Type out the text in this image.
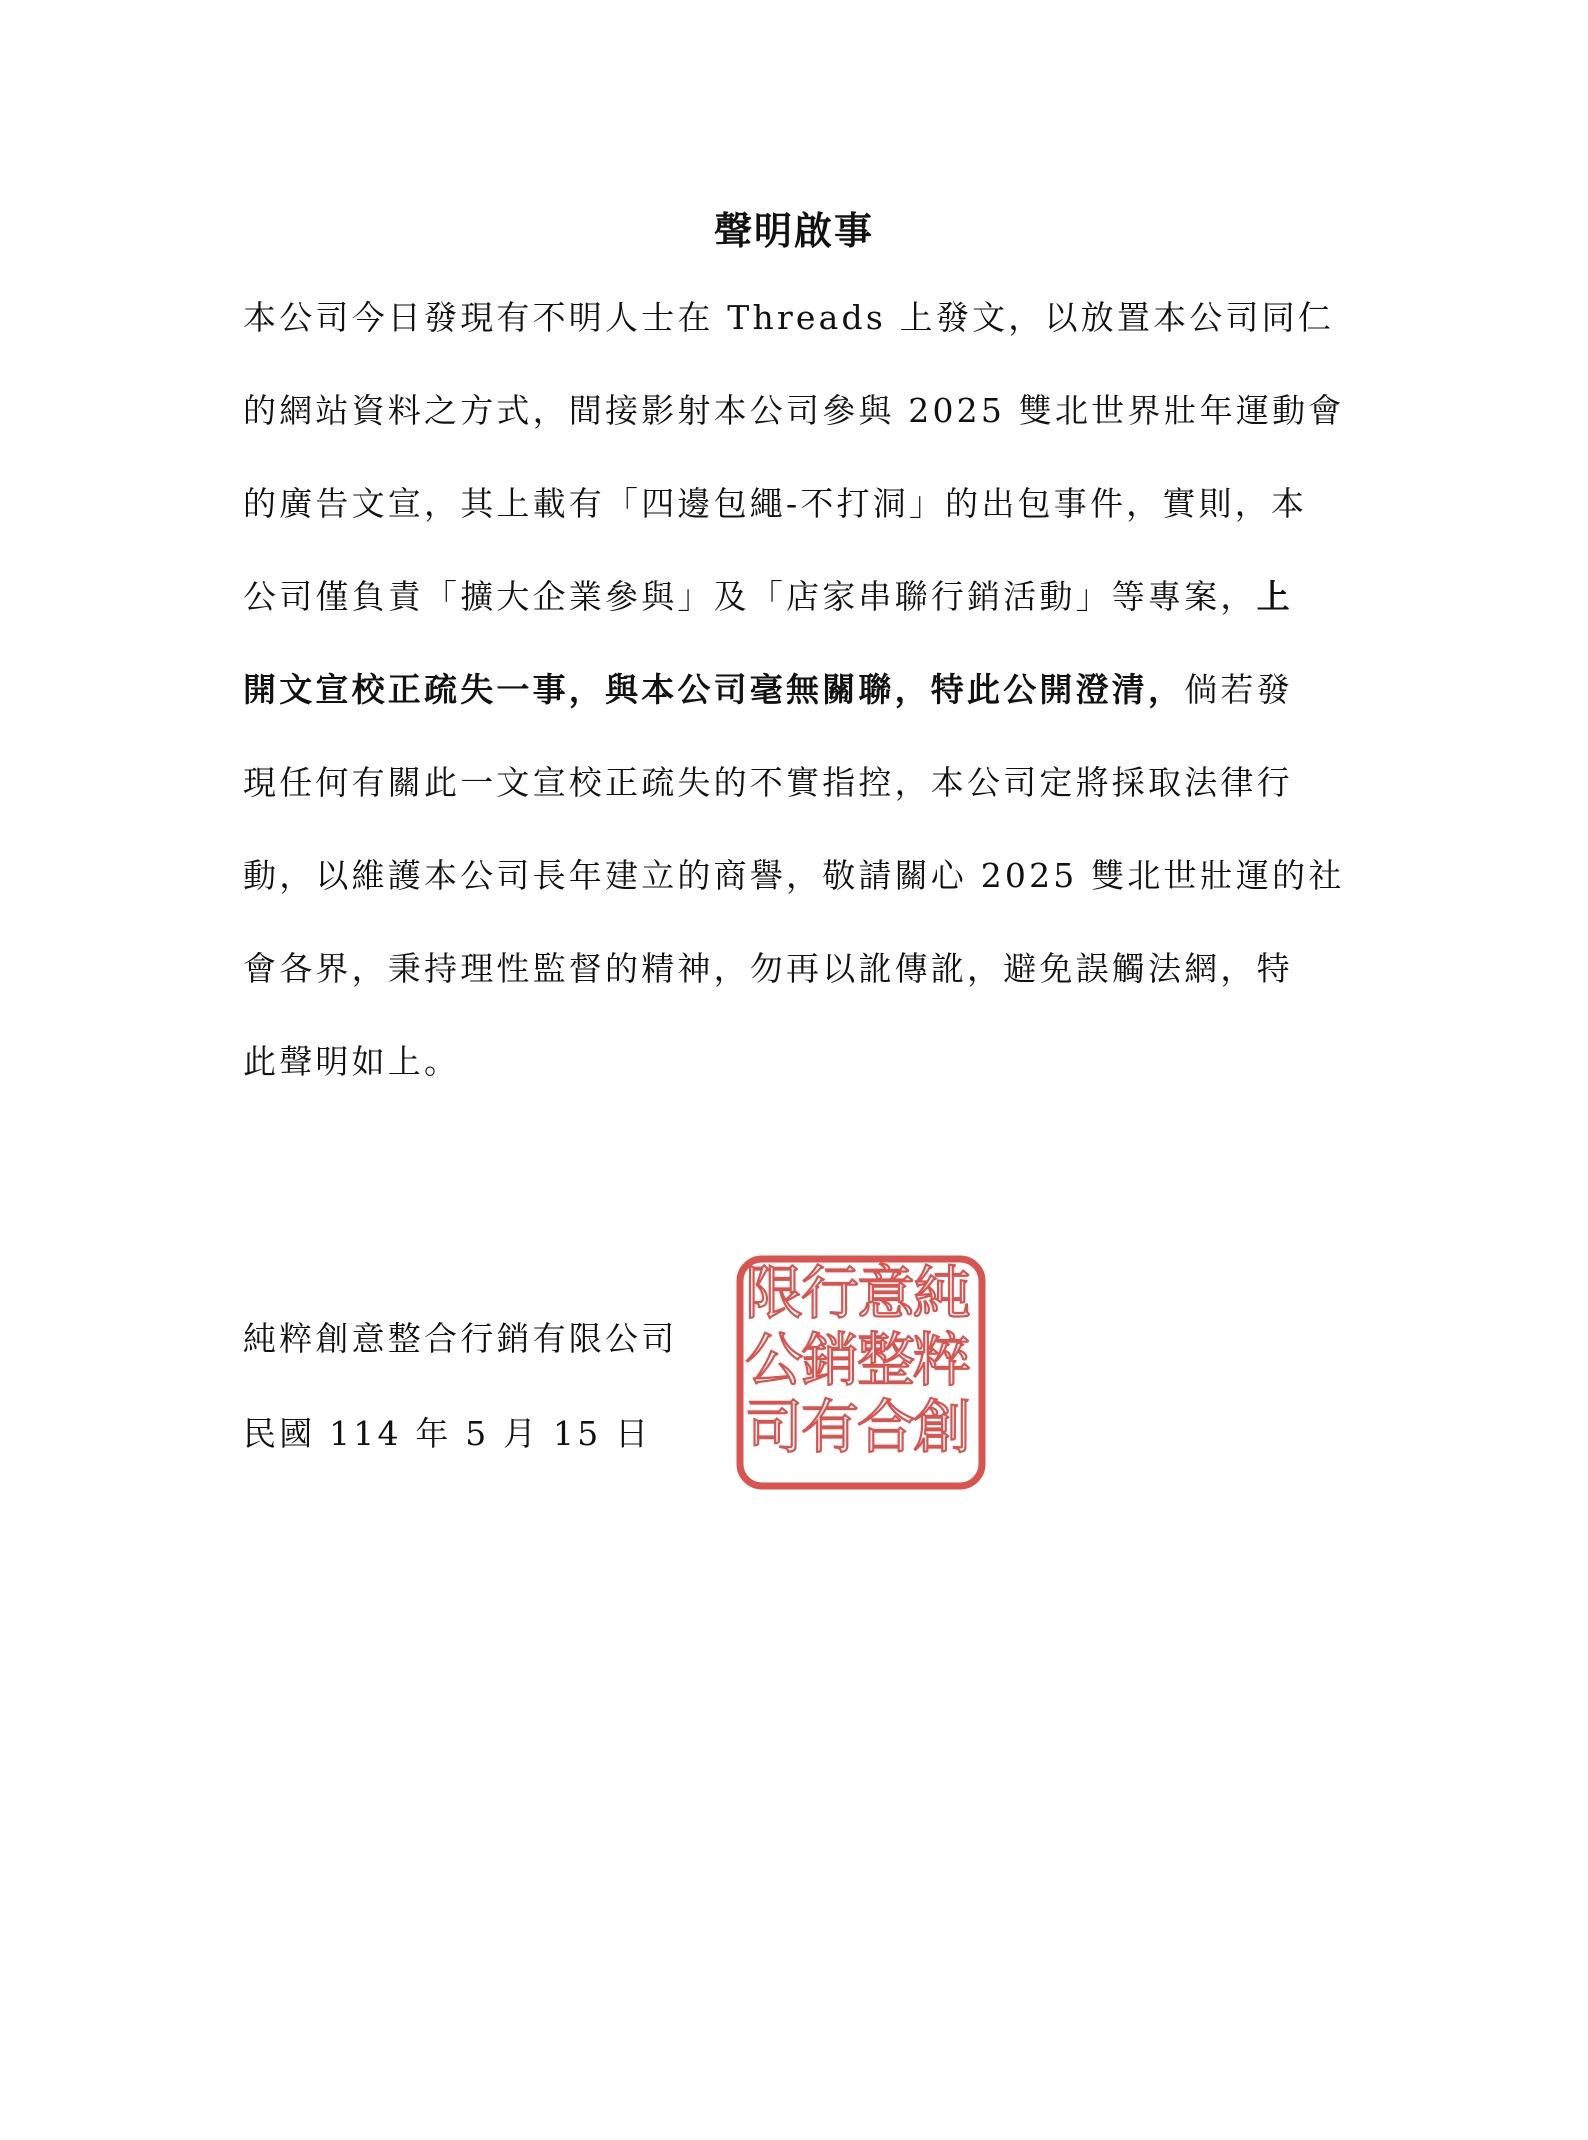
聲明啟事
本公司今日發現有不明人士在 Threads 上發文，以放置本公司同仁
的網站資料之方式，間接影射本公司參與 2025 雙北世界壯年運動會
的廣告文宣，其上載有「四邊包繩-不打洞」的出包事件，實則，本
公司僅負責「擴大企業參與」及「店家串聯行銷活動」等專案，上
開文宣校正疏失一事，與本公司毫無關聯，特此公開澄清，倘若發
現任何有關此一文宣校正疏失的不實指控，本公司定將採取法律行
動，以維護本公司長年建立的商譽，敬請關心 2025 雙北世壯運的社
會各界，秉持理性監督的精神，勿再以訛傳訛，避免誤觸法網，特
此聲明如上。
純粹創意整合行銷有限公司
民國 114 年 5 月 15 日
純
粹
創
意
整
合
行
銷
有
限
公
司
